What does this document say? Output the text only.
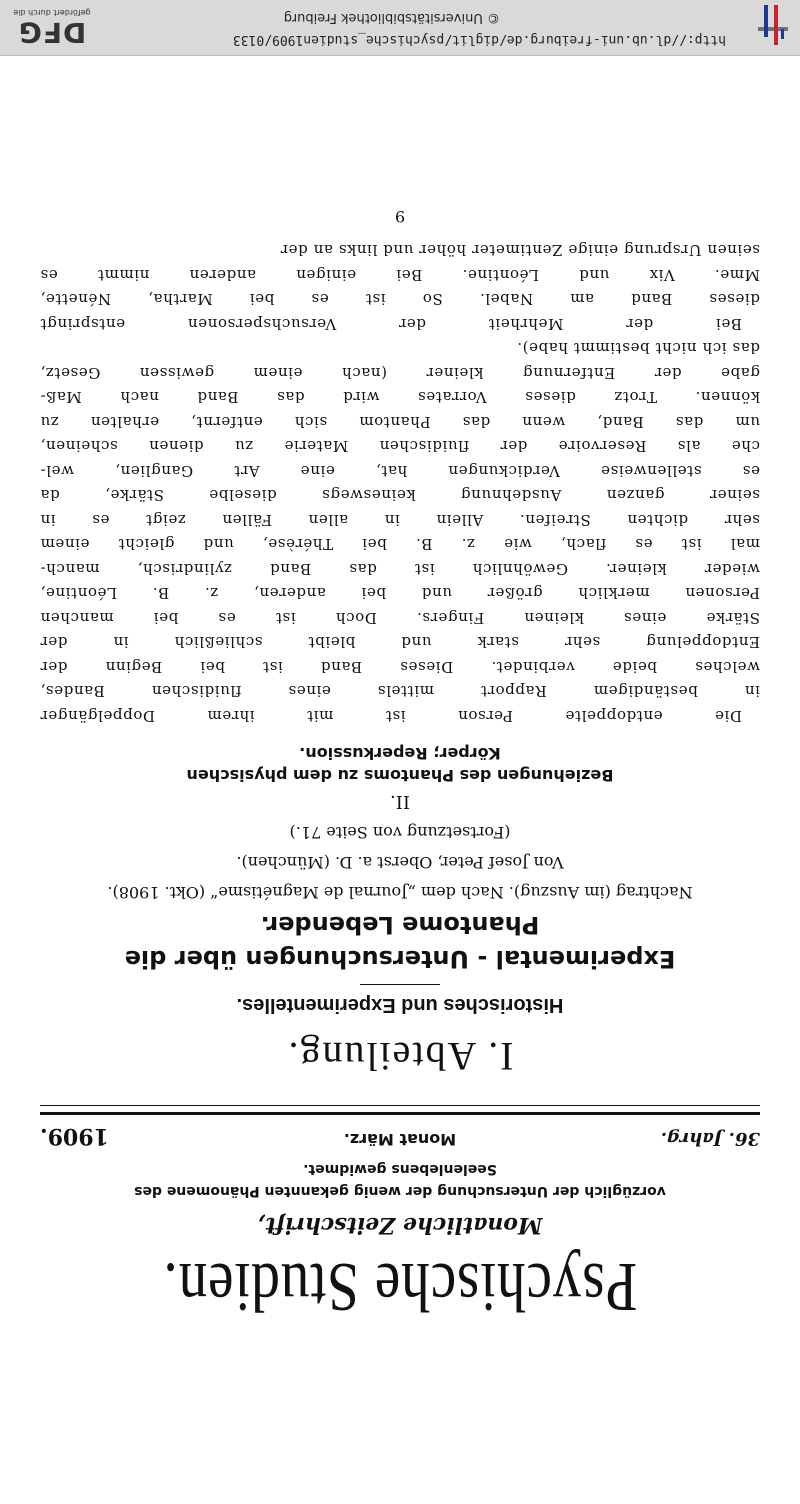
http://dl.ub.uni-freiburg.de/diglit/psychische_studien1909/0133
© Universitätsbibliothek Freiburg
DFG
gefördert durch die
Psychische Studien.
Monatliche Zeitschrift,
vorzüglich der Untersuchung der wenig gekannten Phänomene des Seelenlebens gewidmet.
36. Jahrg.
Monat März.
1909.
I. Abteilung.
Historisches und Experimentelles.
Experimental - Untersuchungen über die
Phantome Lebender.
Nachtrag (im Auszug). Nach dem „Journal de Magnétisme“ (Okt. 1908).
Von Josef Peter, Oberst a. D. (München).
(Fortsetzung von Seite 71.)
II.
Beziehungen des Phantoms zu dem physischen
Körper; Reperkussion.
Die entdoppelte Person ist mit ihrem Doppelgänger
in beständigem Rapport mittels eines fluidischen Bandes,
welches beide verbindet. Dieses Band ist bei Beginn der
Entdoppelung sehr stark und bleibt schließlich in der
Stärke eines kleinen Fingers. Doch ist es bei manchen
Personen merklich größer und bei anderen, z. B. Léontine,
wieder kleiner. Gewöhnlich ist das Band zylindrisch, manch-
mal ist es flach, wie z. B. bei Thérèse, und gleicht einem
sehr dichten Streifen. Allein in allen Fällen zeigt es in
seiner ganzen Ausdehnung keineswegs dieselbe Stärke, da
es stellenweise Verdickungen hat, eine Art Ganglien, wel-
che als Reservoire der fluidischen Materie zu dienen scheinen,
um das Band, wenn das Phantom sich entfernt, erhalten zu
können. Trotz dieses Vorrates wird das Band nach Maß-
gabe der Entfernung kleiner (nach einem gewissen Gesetz,
das ich nicht bestimmt habe).
Bei der Mehrheit der Versuchspersonen entspringt
dieses Band am Nabel. So ist es bei Martha, Nénette,
Mme. Vix und Léontine. Bei einigen anderen nimmt es
seinen Ursprung einige Zentimeter höher und links an der
9
